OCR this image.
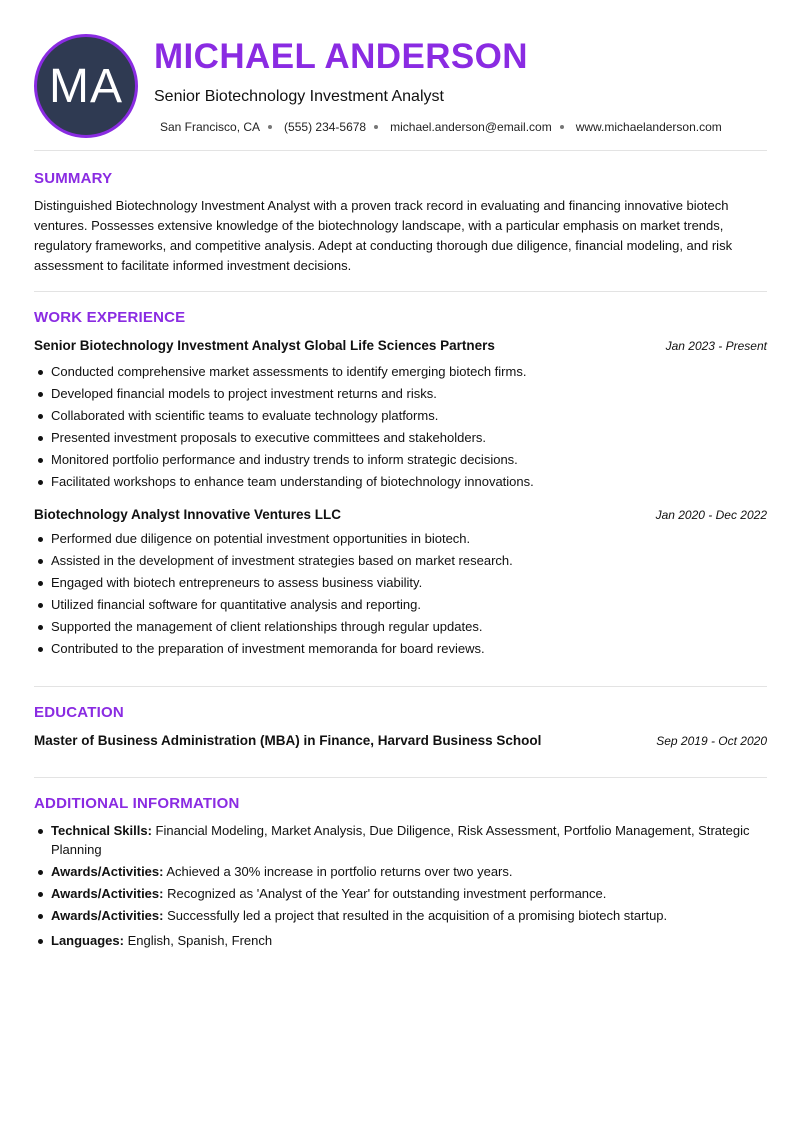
MA
MICHAEL ANDERSON
Senior Biotechnology Investment Analyst
San Francisco, CA (555) 234-5678 michael.anderson@email.com www.michaelanderson.com
SUMMARY

Distinguished Biotechnology Investment Analyst with a proven track record in evaluating and financing innovative biotech ventures. Possesses extensive knowledge of the biotechnology landscape, with a particular emphasis on market trends, regulatory frameworks, and competitive analysis. Adept at conducting thorough due diligence, financial modeling, and risk assessment to facilitate informed investment decisions.

WORK EXPERIENCE
Senior Biotechnology Investment Analyst Global Life Sciences Partners	Jan 2023 - Present
Conducted comprehensive market assessments to identify emerging biotech firms.
Developed financial models to project investment returns and risks.
Collaborated with scientific teams to evaluate technology platforms.
Presented investment proposals to executive committees and stakeholders.
Monitored portfolio performance and industry trends to inform strategic decisions.
Facilitated workshops to enhance team understanding of biotechnology innovations.
Biotechnology Analyst Innovative Ventures LLC	Jan 2020 - Dec 2022
Performed due diligence on potential investment opportunities in biotech.
Assisted in the development of investment strategies based on market research.
Engaged with biotech entrepreneurs to assess business viability.
Utilized financial software for quantitative analysis and reporting.
Supported the management of client relationships through regular updates.
Contributed to the preparation of investment memoranda for board reviews.
EDUCATION
Master of Business Administration (MBA) in Finance, Harvard Business School	Sep 2019 - Oct 2020
ADDITIONAL INFORMATION
Technical Skills: Financial Modeling, Market Analysis, Due Diligence, Risk Assessment, Portfolio Management, Strategic Planning
Awards/Activities: Achieved a 30% increase in portfolio returns over two years.
Awards/Activities: Recognized as 'Analyst of the Year' for outstanding investment performance.
Awards/Activities: Successfully led a project that resulted in the acquisition of a promising biotech startup.
Languages: English, Spanish, French
